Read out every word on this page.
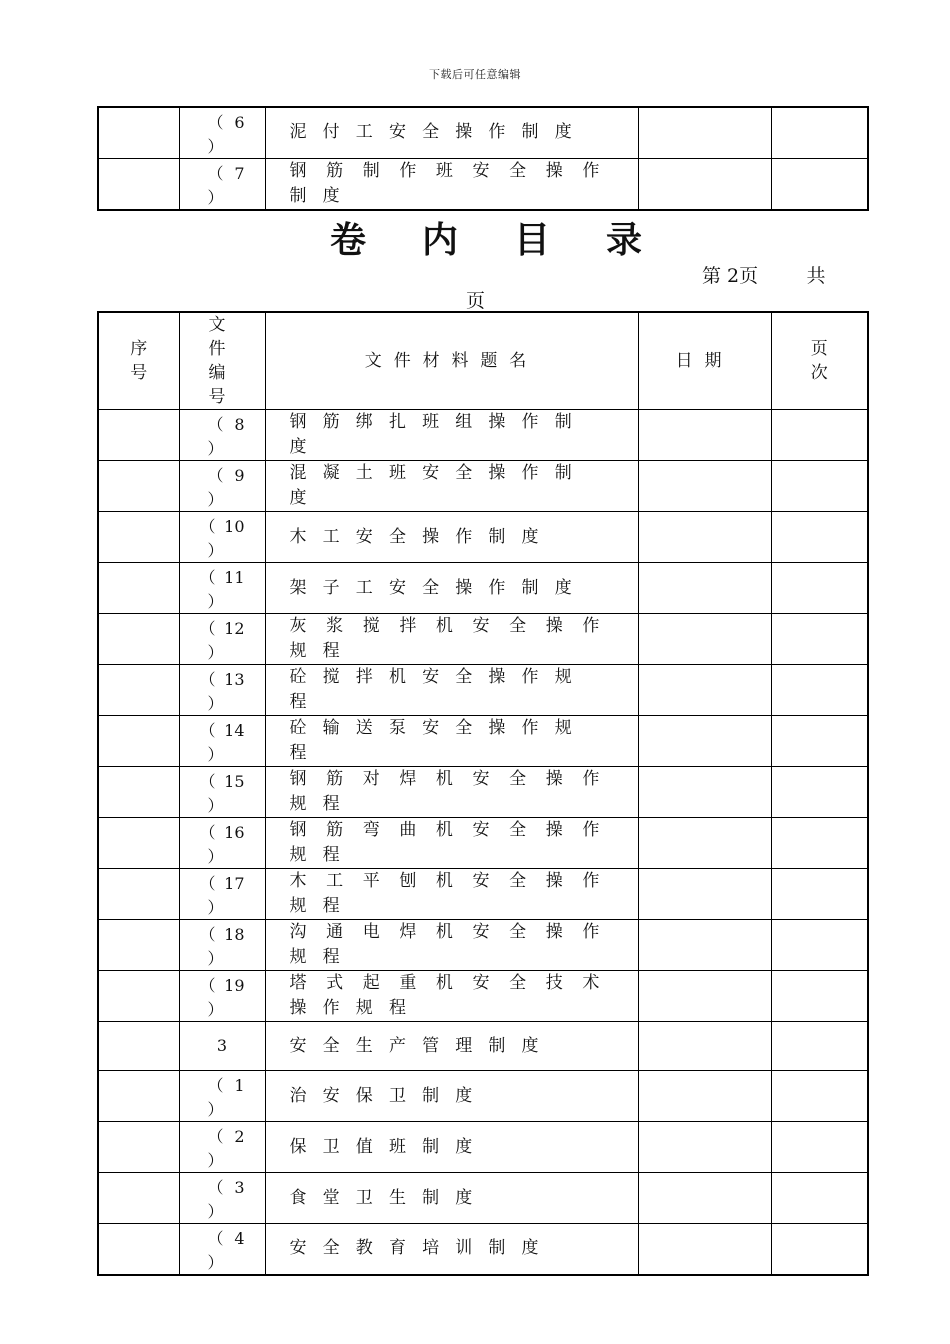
下载后可任意编辑

	（ 6
）	泥付工安全操作制度		

	（ 7
）	钢筋制作班安全操作制度		
卷内目录
第 2页        共
页
序号	文件编号	文件材料题名	日期	页次

	（ 8
）	钢筋绑扎班组操作制度		

	（ 9
）	混凝土班安全操作制度		

	（ 10
）	木工安全操作制度		

	（ 11
）	架子工安全操作制度		

	（ 12
）	灰浆搅拌机安全操作规程		

	（ 13
）	砼搅拌机安全操作规程		

	（ 14
）	砼输送泵安全操作规程		

	（ 15
）	钢筋对焊机安全操作规程		

	（ 16
）	钢筋弯曲机安全操作规程		

	（ 17
）	木工平刨机安全操作规程		

	（ 18
）	沟通电焊机安全操作规程		

	（ 19
）	塔式起重机安全技术操作规程		

	3	安全生产管理制度		

	（ 1
）	治安保卫制度		

	（ 2
）	保卫值班制度		

	（ 3
）	食堂卫生制度		

	（ 4
）	安全教育培训制度		
